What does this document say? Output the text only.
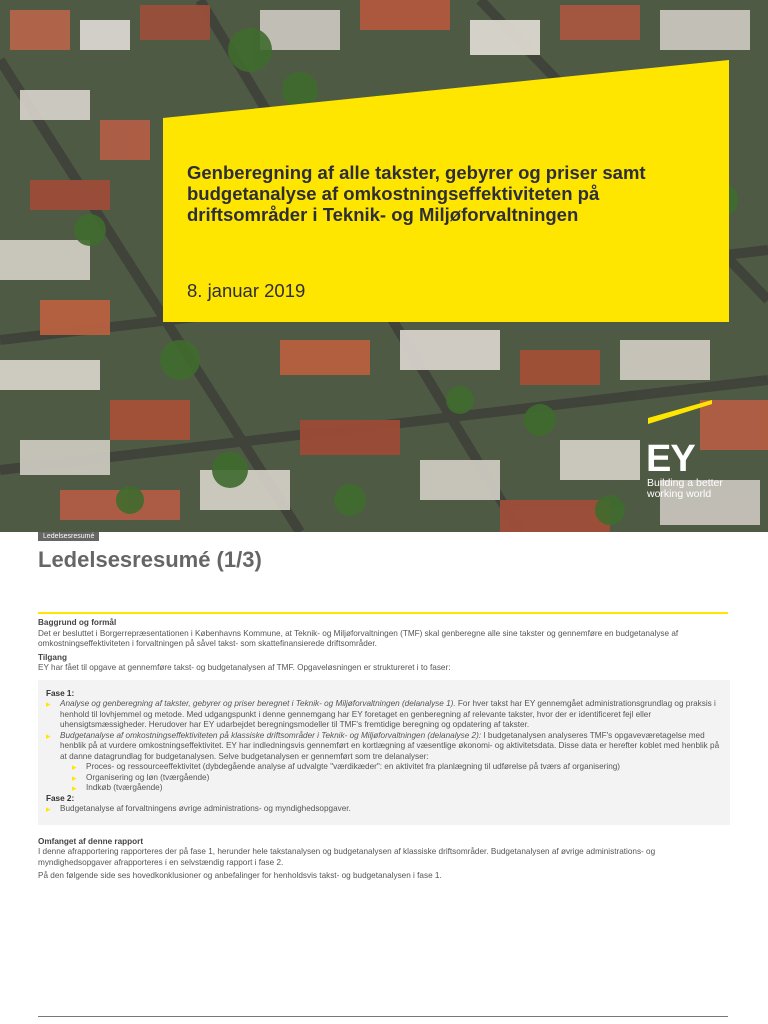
Genberegning af alle takster, gebyrer og priser samt budgetanalyse af omkostningseffektiviteten på driftsområder i Teknik- og Miljøforvaltningen
8. januar 2019
EY
Building a better
working world
Ledelsesresumé
Ledelsesresumé (1/3)
Baggrund og formål

Det er besluttet i Borgerrepræsentationen i Københavns Kommune, at Teknik- og Miljøforvaltningen (TMF) skal genberegne alle sine takster og gennemføre en budgetanalyse af omkostningseffektiviteten i forvaltningen på såvel takst- som skattefinansierede driftsområder.

Tilgang

EY har fået til opgave at gennemføre takst- og budgetanalysen af TMF. Opgaveløsningen er struktureret i to faser:

Fase 1:
▸ Analyse og genberegning af takster, gebyrer og priser beregnet i Teknik- og Miljøforvaltningen (delanalyse 1). For hver takst har EY gennemgået administrationsgrundlag og praksis i henhold til lovhjemmel og metode. Med udgangspunkt i denne gennemgang har EY foretaget en genberegning af relevante takster, hvor der er identificeret fejl eller uhensigtsmæssigheder. Herudover har EY udarbejdet beregningsmodeller til TMF's fremtidige beregning og opdatering af takster.
▸ Budgetanalyse af omkostningseffektiviteten på klassiske driftsområder i Teknik- og Miljøforvaltningen (delanalyse 2): I budgetanalysen analyseres TMF's opgaveværetagelse med henblik på at vurdere omkostningseffektivitet. EY har indledningsvis gennemført en kortlægning af væsentlige økonomi- og aktivitetsdata. Disse data er herefter koblet med henblik på at danne datagrundlag for budgetanalysen. Selve budgetanalysen er gennemført som tre delanalyser:
▸ Proces- og ressourceeffektivitet (dybdegående analyse af udvalgte "værdikæder": en aktivitet fra planlægning til udførelse på tværs af organisering)
▸ Organisering og løn (tværgående)
▸ Indkøb (tværgående)
Fase 2:
▸ Budgetanalyse af forvaltningens øvrige administrations- og myndighedsopgaver.
Omfanget af denne rapport

I denne afrapportering rapporteres der på fase 1, herunder hele takstanalysen og budgetanalysen af klassiske driftsområder. Budgetanalysen af øvrige administrations- og myndighedsopgaver afrapporteres i en selvstændig rapport i fase 2.

På den følgende side ses hovedkonklusioner og anbefalinger for henholdsvis takst- og budgetanalysen i fase 1.
